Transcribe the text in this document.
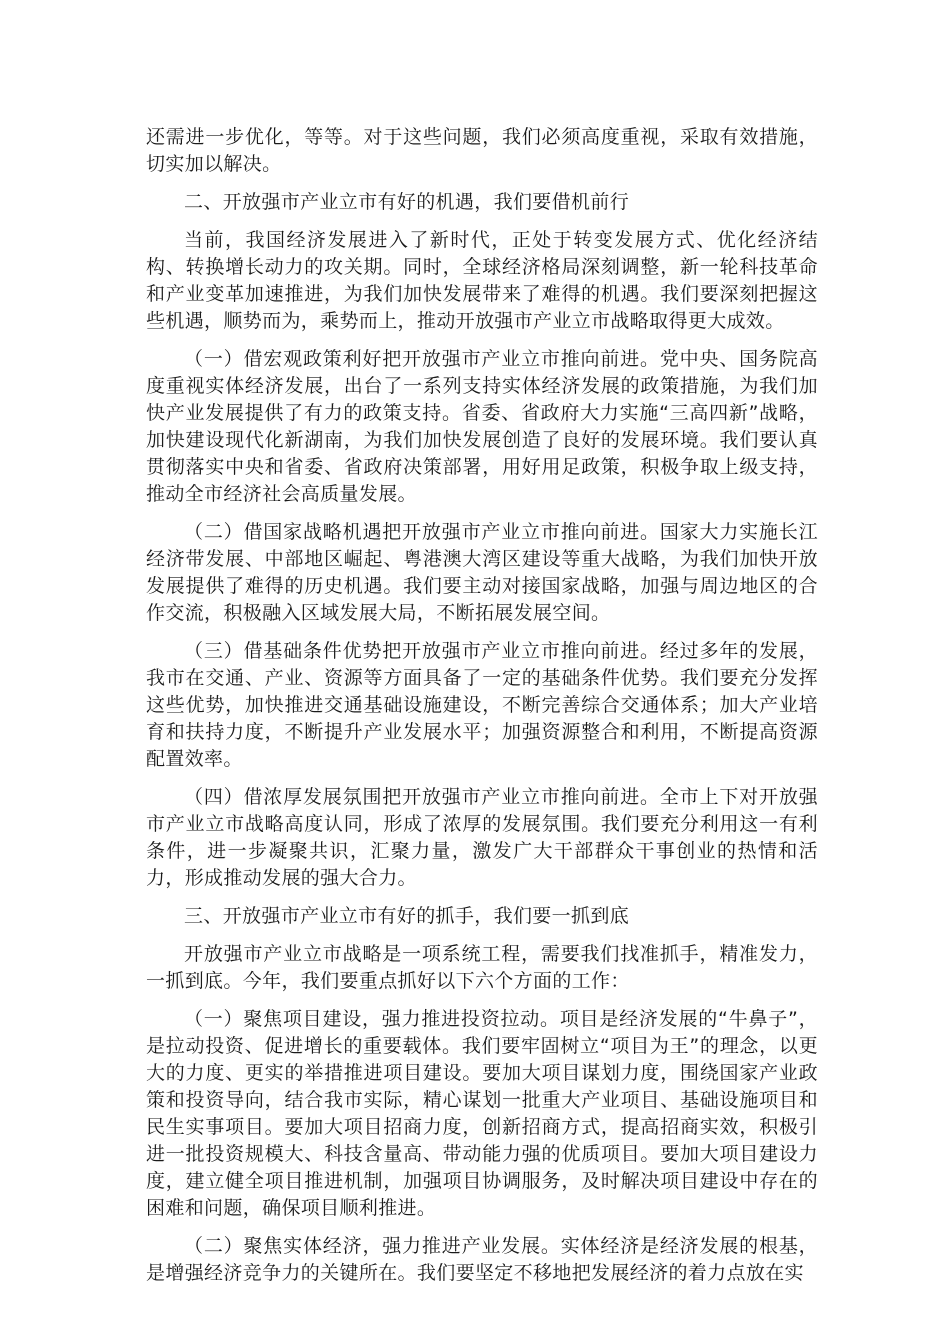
还需进一步优化，等等。对于这些问题，我们必须高度重视，采取有效措施，切实加以解决。

二、开放强市产业立市有好的机遇，我们要借机前行

当前，我国经济发展进入了新时代，正处于转变发展方式、优化经济结构、转换增长动力的攻关期。同时，全球经济格局深刻调整，新一轮科技革命和产业变革加速推进，为我们加快发展带来了难得的机遇。我们要深刻把握这些机遇，顺势而为，乘势而上，推动开放强市产业立市战略取得更大成效。

（一）借宏观政策利好把开放强市产业立市推向前进。党中央、国务院高度重视实体经济发展，出台了一系列支持实体经济发展的政策措施，为我们加快产业发展提供了有力的政策支持。省委、省政府大力实施“三高四新”战略，加快建设现代化新湖南，为我们加快发展创造了良好的发展环境。我们要认真贯彻落实中央和省委、省政府决策部署，用好用足政策，积极争取上级支持，推动全市经济社会高质量发展。

（二）借国家战略机遇把开放强市产业立市推向前进。国家大力实施长江经济带发展、中部地区崛起、粤港澳大湾区建设等重大战略，为我们加快开放发展提供了难得的历史机遇。我们要主动对接国家战略，加强与周边地区的合作交流，积极融入区域发展大局，不断拓展发展空间。

（三）借基础条件优势把开放强市产业立市推向前进。经过多年的发展，我市在交通、产业、资源等方面具备了一定的基础条件优势。我们要充分发挥这些优势，加快推进交通基础设施建设，不断完善综合交通体系；加大产业培育和扶持力度，不断提升产业发展水平；加强资源整合和利用，不断提高资源配置效率。

（四）借浓厚发展氛围把开放强市产业立市推向前进。全市上下对开放强市产业立市战略高度认同，形成了浓厚的发展氛围。我们要充分利用这一有利条件，进一步凝聚共识，汇聚力量，激发广大干部群众干事创业的热情和活力，形成推动发展的强大合力。

三、开放强市产业立市有好的抓手，我们要一抓到底

开放强市产业立市战略是一项系统工程，需要我们找准抓手，精准发力，一抓到底。今年，我们要重点抓好以下六个方面的工作：

（一）聚焦项目建设，强力推进投资拉动。项目是经济发展的“牛鼻子”，是拉动投资、促进增长的重要载体。我们要牢固树立“项目为王”的理念，以更大的力度、更实的举措推进项目建设。要加大项目谋划力度，围绕国家产业政策和投资导向，结合我市实际，精心谋划一批重大产业项目、基础设施项目和民生实事项目。要加大项目招商力度，创新招商方式，提高招商实效，积极引进一批投资规模大、科技含量高、带动能力强的优质项目。要加大项目建设力度，建立健全项目推进机制，加强项目协调服务，及时解决项目建设中存在的困难和问题，确保项目顺利推进。

（二）聚焦实体经济，强力推进产业发展。实体经济是经济发展的根基，是增强经济竞争力的关键所在。我们要坚定不移地把发展经济的着力点放在实
